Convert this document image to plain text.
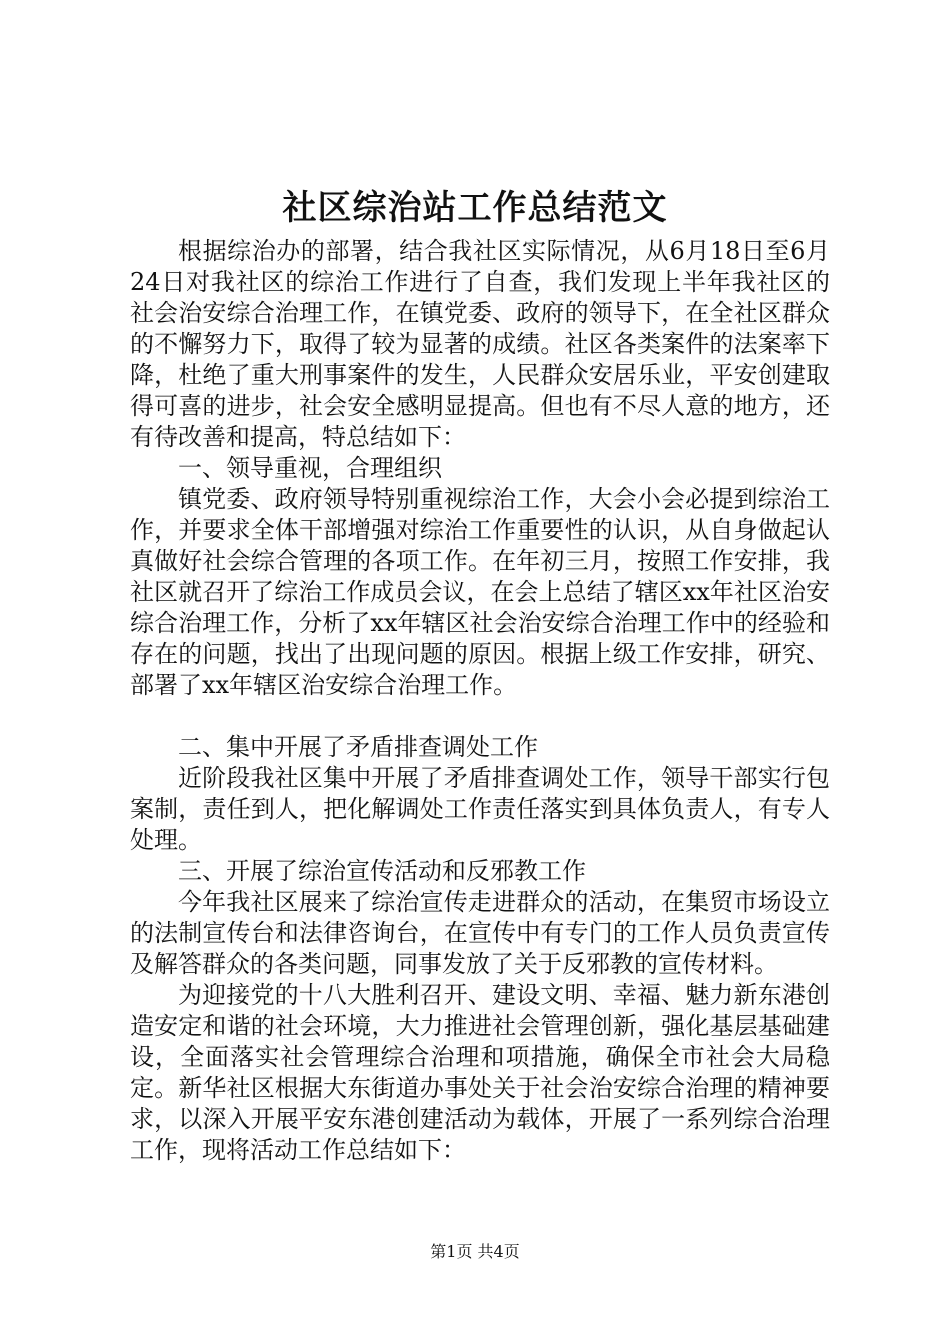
社区综治站工作总结范文

根据综治办的部署，结合我社区实际情况，从6月18日至6月24日对我社区的综治工作进行了自查，我们发现上半年我社区的社会治安综合治理工作，在镇党委、政府的领导下，在全社区群众的不懈努力下，取得了较为显著的成绩。社区各类案件的法案率下降，杜绝了重大刑事案件的发生，人民群众安居乐业，平安创建取得可喜的进步，社会安全感明显提高。但也有不尽人意的地方，还有待改善和提高，特总结如下：

一、领导重视，合理组织

镇党委、政府领导特别重视综治工作，大会小会必提到综治工作，并要求全体干部增强对综治工作重要性的认识，从自身做起认真做好社会综合管理的各项工作。在年初三月，按照工作安排，我社区就召开了综治工作成员会议，在会上总结了辖区xx年社区治安综合治理工作，分析了xx年辖区社会治安综合治理工作中的经验和存在的问题，找出了出现问题的原因。根据上级工作安排，研究、部署了xx年辖区治安综合治理工作。

二、集中开展了矛盾排查调处工作

近阶段我社区集中开展了矛盾排查调处工作，领导干部实行包案制，责任到人，把化解调处工作责任落实到具体负责人，有专人处理。

三、开展了综治宣传活动和反邪教工作

今年我社区展来了综治宣传走进群众的活动，在集贸市场设立的法制宣传台和法律咨询台，在宣传中有专门的工作人员负责宣传及解答群众的各类问题，同事发放了关于反邪教的宣传材料。

为迎接党的十八大胜利召开、建设文明、幸福、魅力新东港创造安定和谐的社会环境，大力推进社会管理创新，强化基层基础建设，全面落实社会管理综合治理和项措施，确保全市社会大局稳定。新华社区根据大东街道办事处关于社会治安综合治理的精神要求，以深入开展平安东港创建活动为载体，开展了一系列综合治理工作，现将活动工作总结如下：

第1页 共4页
